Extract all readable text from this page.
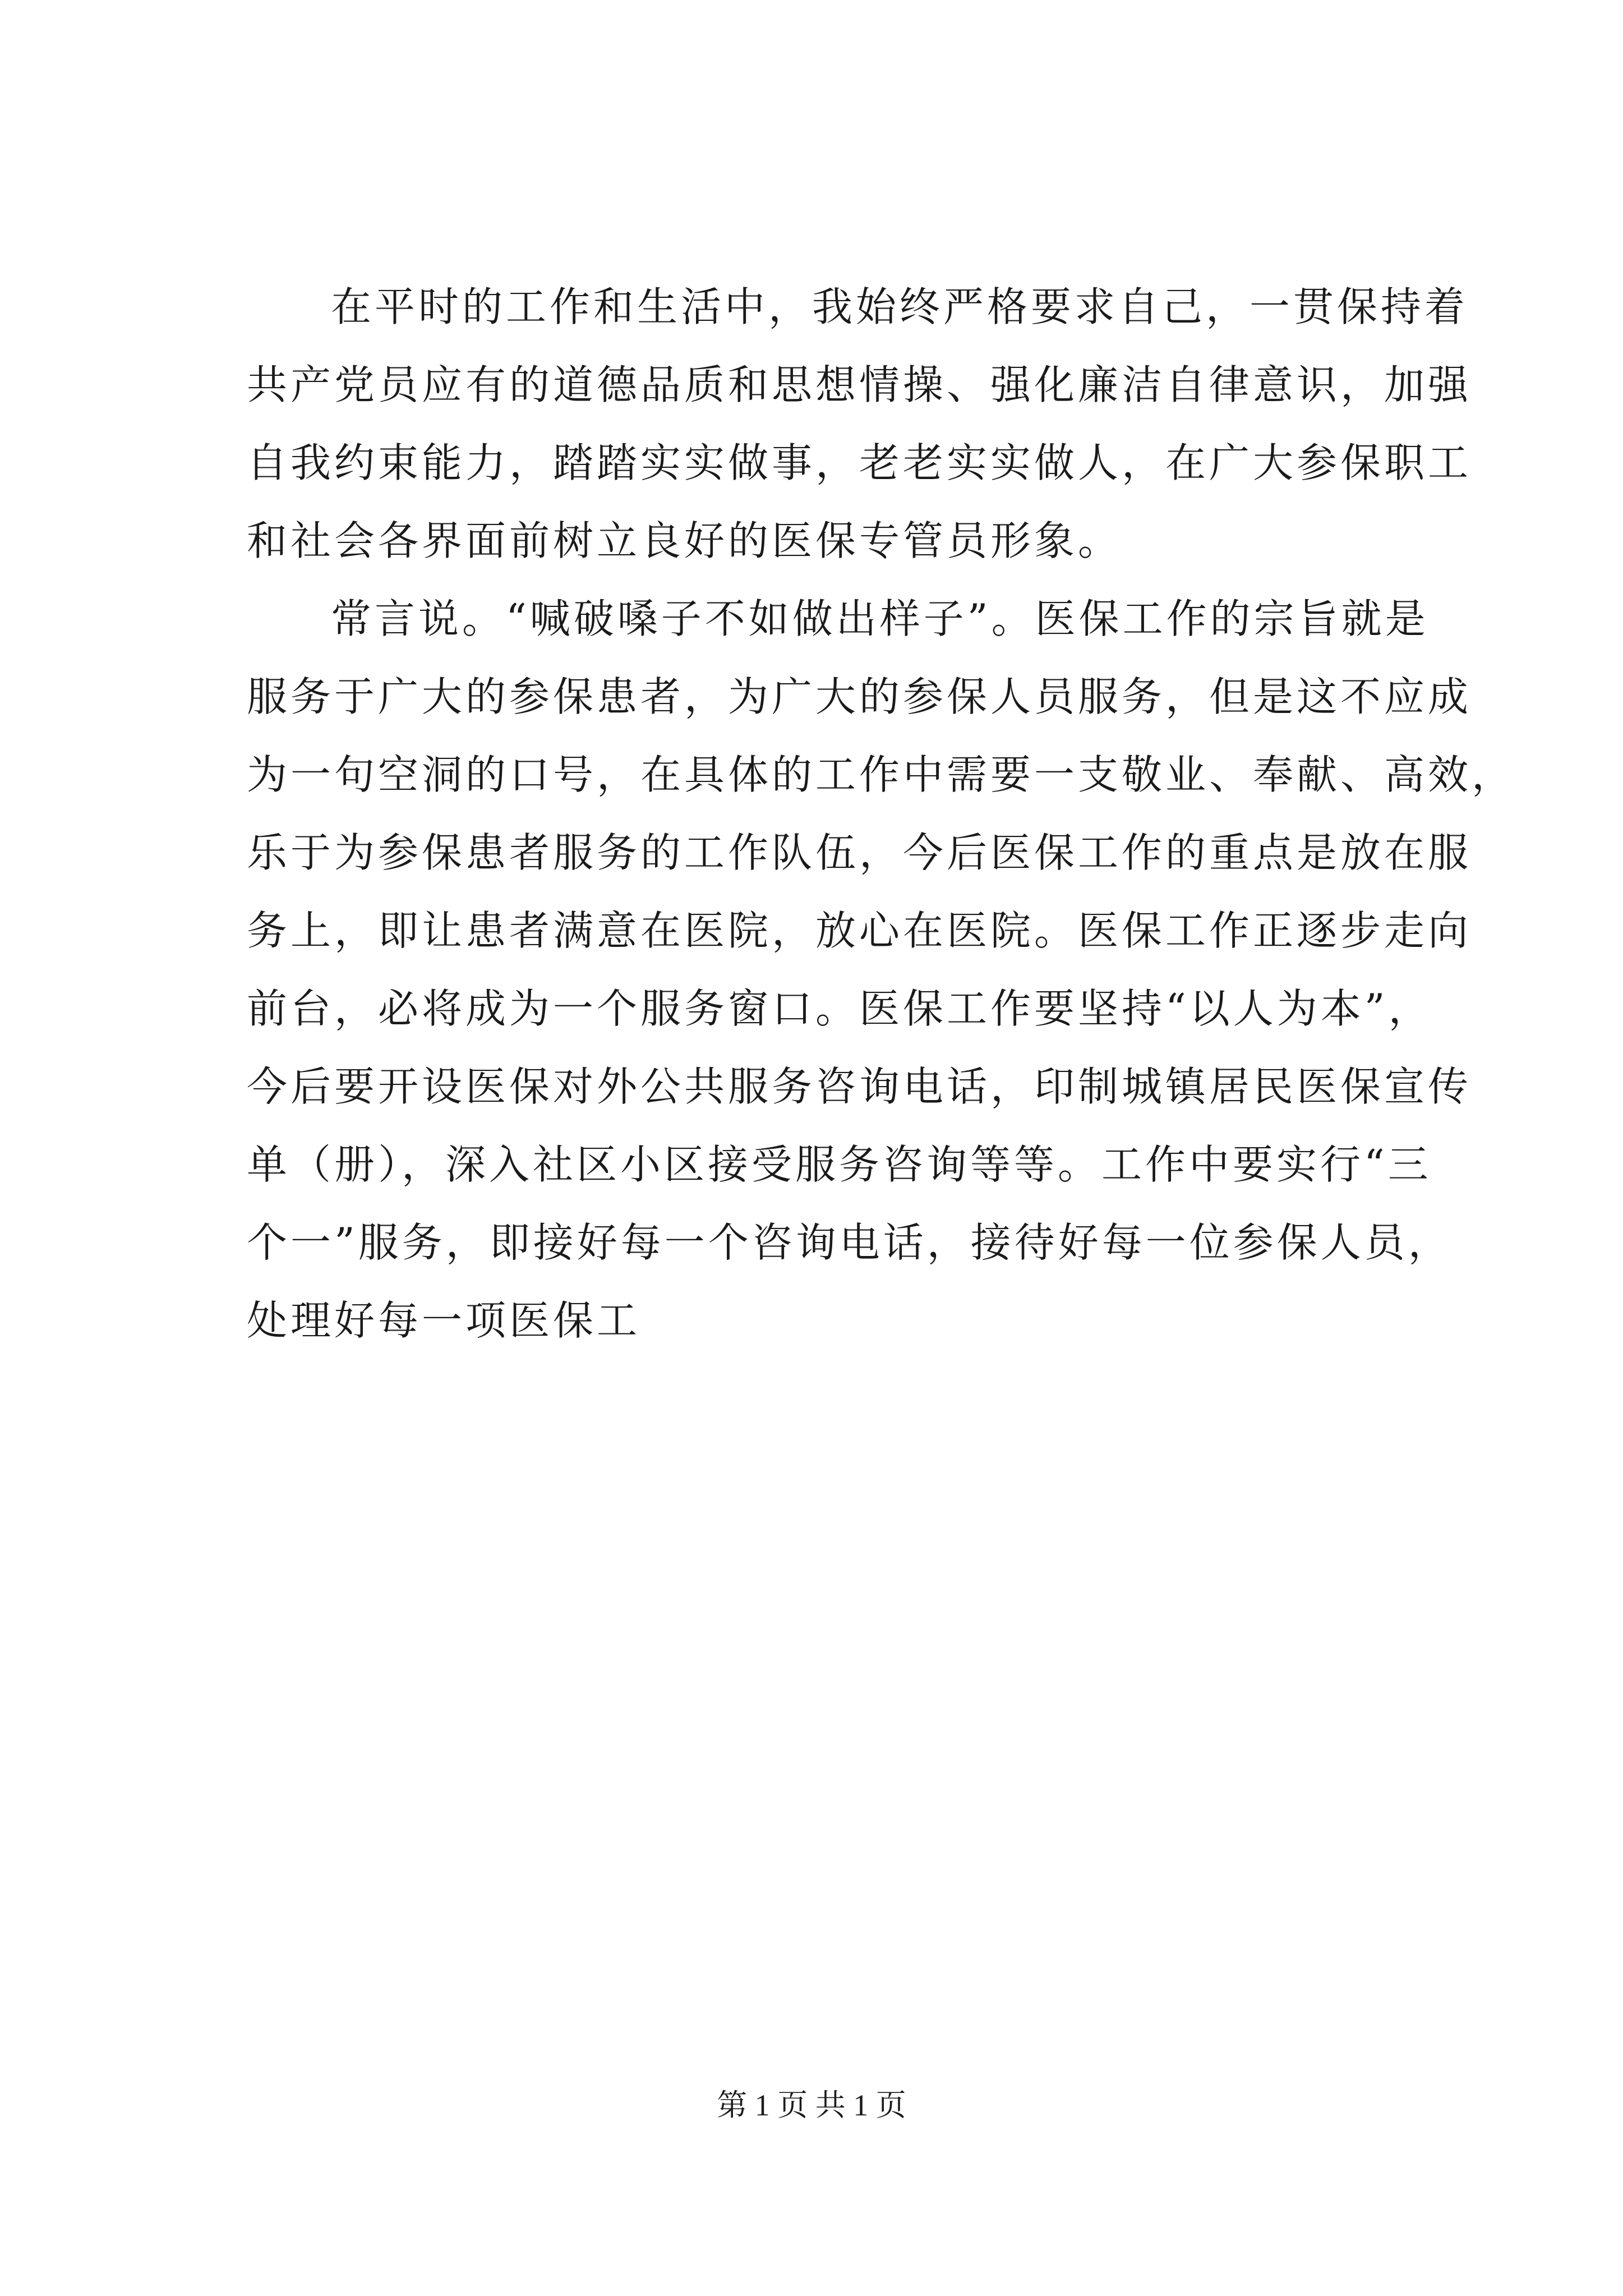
在平时的工作和生活中，我始终严格要求自己，一贯保持着
共产党员应有的道德品质和思想情操、强化廉洁自律意识，加强
自我约束能力，踏踏实实做事，老老实实做人，在广大参保职工
和社会各界面前树立良好的医保专管员形象。
常言说。“喊破嗓子不如做出样子”。医保工作的宗旨就是
服务于广大的参保患者，为广大的参保人员服务，但是这不应成
为一句空洞的口号，在具体的工作中需要一支敬业、奉献、高效，
乐于为参保患者服务的工作队伍，今后医保工作的重点是放在服
务上，即让患者满意在医院，放心在医院。医保工作正逐步走向
前台，必将成为一个服务窗口。医保工作要坚持“以人为本”，
今后要开设医保对外公共服务咨询电话，印制城镇居民医保宣传
单（册），深入社区小区接受服务咨询等等。工作中要实行“三
个一”服务，即接好每一个咨询电话，接待好每一位参保人员，
处理好每一项医保工
第 1 页 共 1 页
